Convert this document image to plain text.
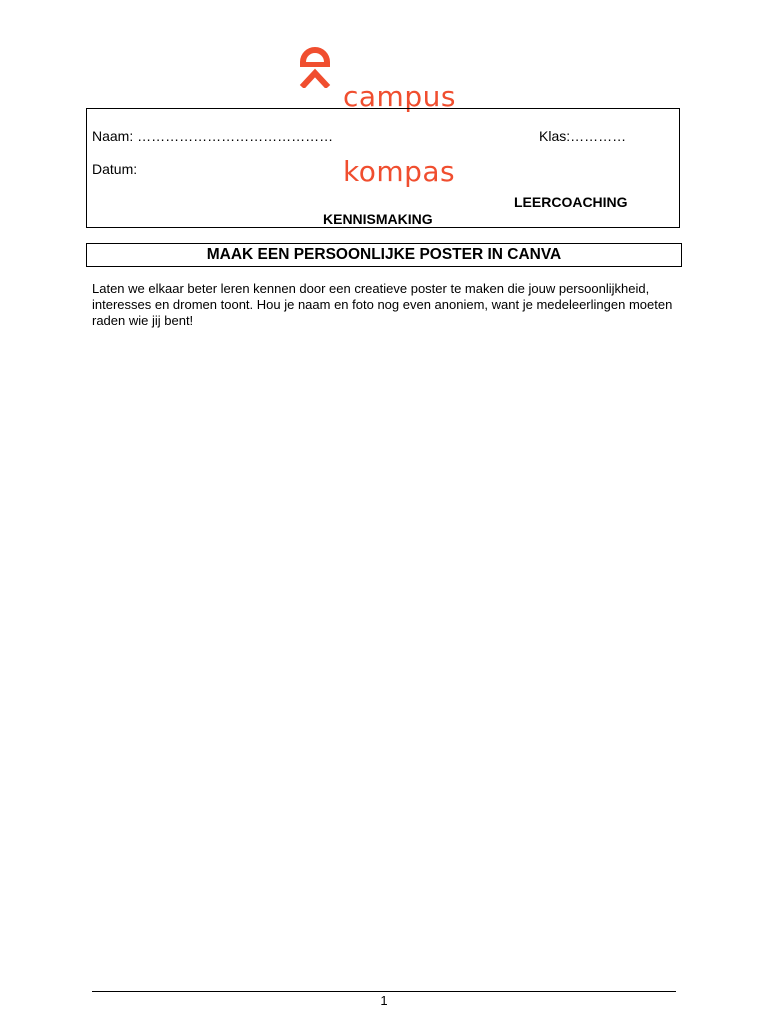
campus

kompas

Naam: ……………………………………	Klas:…………
Datum:
LEERCOACHING
KENNISMAKING
MAAK EEN PERSOONLIJKE POSTER IN CANVA
Laten we elkaar beter leren kennen door een creatieve poster te maken die jouw persoonlijkheid, interesses en dromen toont. Hou je naam en foto nog even anoniem, want je medeleerlingen moeten raden wie jij bent!
1
